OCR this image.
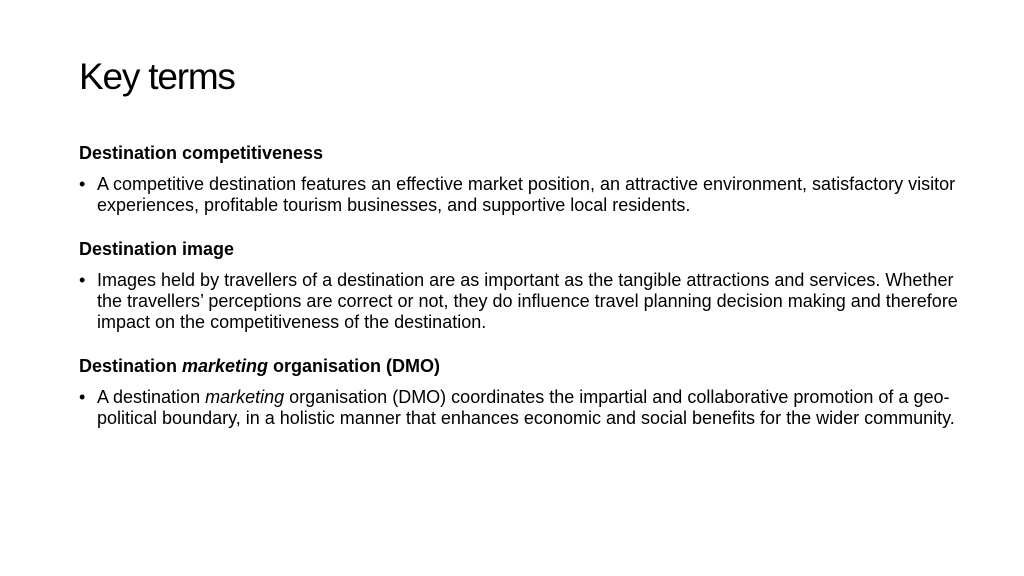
Key terms
Destination competitiveness
• A competitive destination features an effective market position, an attractive environment, satisfactory visitor experiences, profitable tourism businesses, and supportive local residents.
Destination image
• Images held by travellers of a destination are as important as the tangible attractions and services. Whether the travellers’ perceptions are correct or not, they do influence travel planning decision making and therefore impact on the competitiveness of the destination.
Destination marketing organisation (DMO)
• A destination marketing organisation (DMO) coordinates the impartial and collaborative promotion of a geo-political boundary, in a holistic manner that enhances economic and social benefits for the wider community.
